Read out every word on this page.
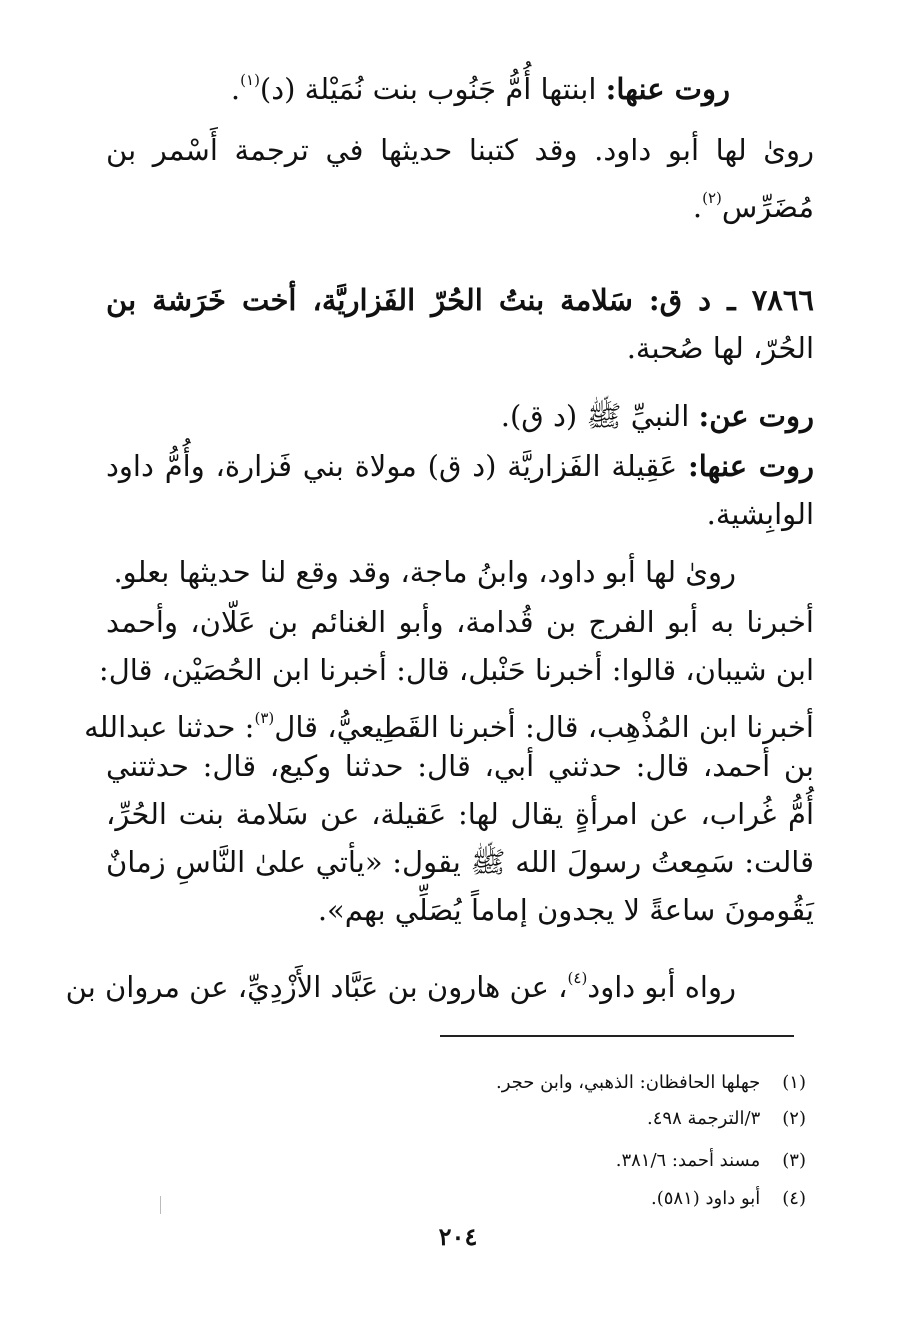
روت عنها: ابنتها أُمُّ جَنُوب بنت نُمَيْلة (د)$^{(١)}$.
روىٰ لها أبو داود. وقد كتبنا حديثها في ترجمة أَسْمر بن
مُضَرِّس$^{(٢)}$.
٧٨٦٦ ـ د ق: سَلامة بنتُ الحُرّ الفَزاريَّة، أخت خَرَشة بن
الحُرّ، لها صُحبة.
روت عن: النبيِّ ﷺ (د ق).
روت عنها: عَقِيلة الفَزاريَّة (د ق) مولاة بني فَزارة، وأُمُّ داود
الوابِشية.
روىٰ لها أبو داود، وابنُ ماجة، وقد وقع لنا حديثها بعلو.
أخبرنا به أبو الفرج بن قُدامة، وأبو الغنائم بن عَلّان، وأحمد
ابن شيبان، قالوا: أخبرنا حَنْبل، قال: أخبرنا ابن الحُصَيْن، قال:
أخبرنا ابن المُذْهِب، قال: أخبرنا القَطِيعيُّ، قال$^{(٣)}$: حدثنا عبدالله
بن أحمد، قال: حدثني أبي، قال: حدثنا وكيع، قال: حدثتني
أُمُّ غُراب، عن امرأةٍ يقال لها: عَقيلة، عن سَلامة بنت الحُرِّ،
قالت: سَمِعتُ رسولَ الله ﷺ يقول: «يأتي علىٰ النَّاسِ زمانٌ
يَقُومونَ ساعةً لا يجدون إماماً يُصَلِّي بهم».
رواه أبو داود$^{(٤)}$، عن هارون بن عَبَّاد الأَزْدِيِّ، عن مروان بن
(١) جهلها الحافظان: الذهبي، وابن حجر.
(٢) ٣/الترجمة ٤٩٨.
(٣) مسند أحمد: ٣٨١/٦.
(٤) أبو داود (٥٨١).
٢٠٤
